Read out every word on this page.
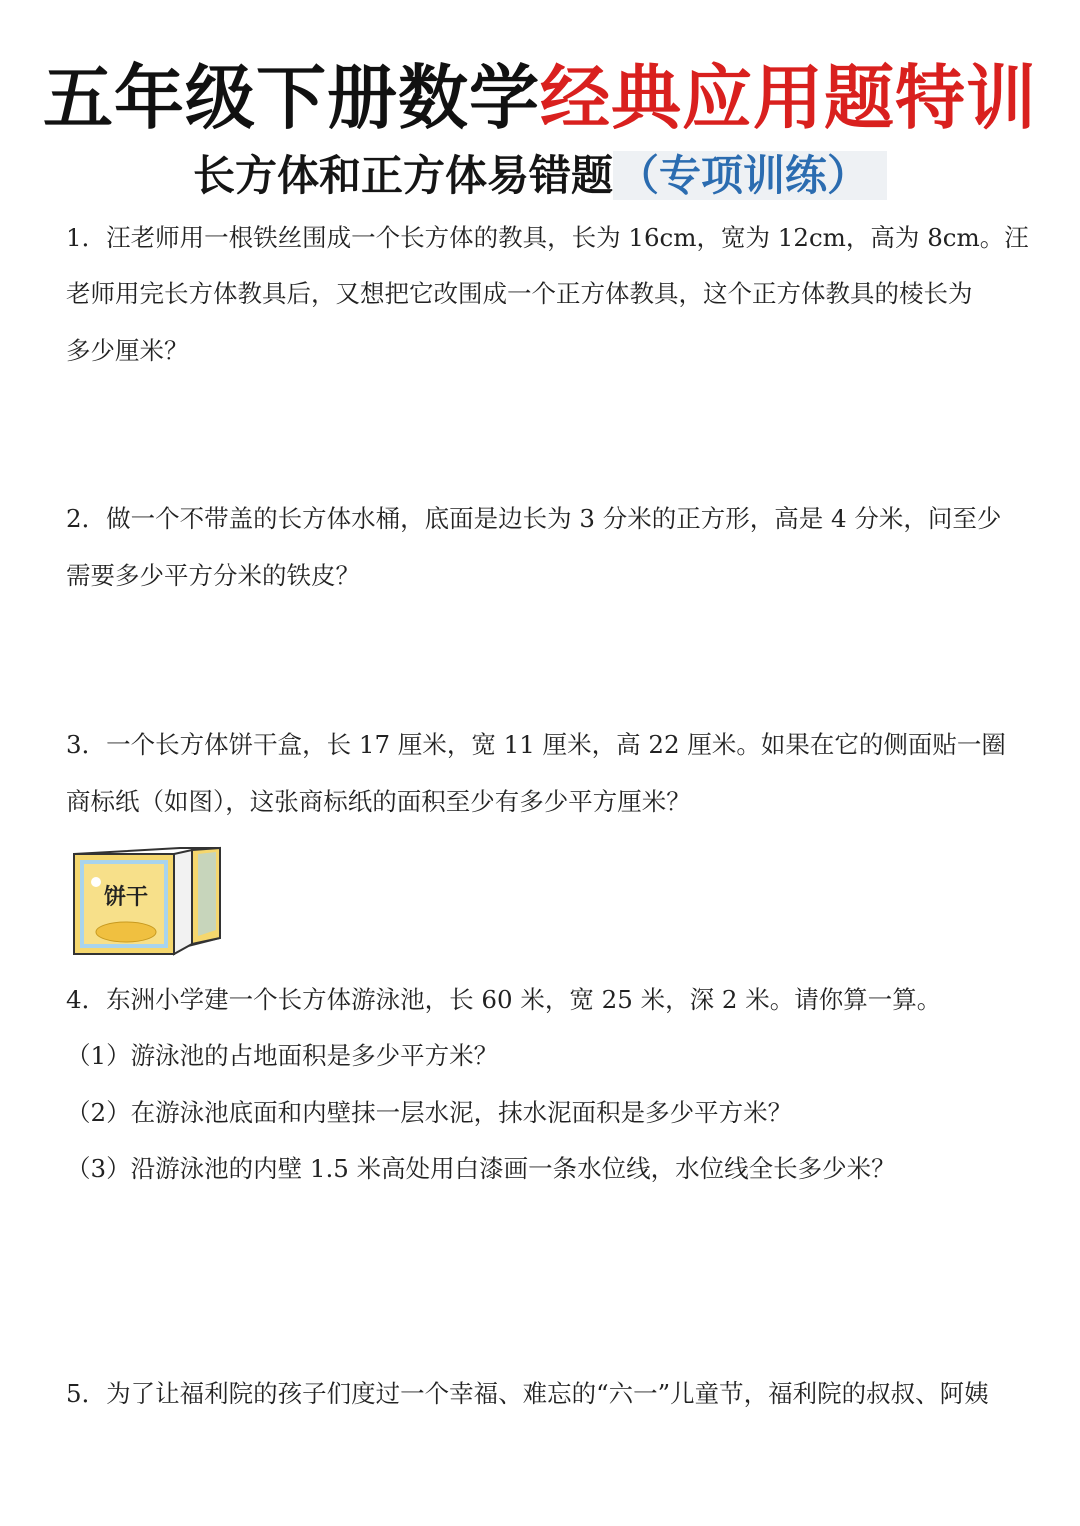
五年级下册数学经典应用题特训
长方体和正方体易错题（专项训练）
1．汪老师用一根铁丝围成一个长方体的教具，长为 16cm，宽为 12cm，高为 8cm。汪
老师用完长方体教具后，又想把它改围成一个正方体教具，这个正方体教具的棱长为
多少厘米？
2．做一个不带盖的长方体水桶，底面是边长为 3 分米的正方形，高是 4 分米，问至少
需要多少平方分米的铁皮？
3．一个长方体饼干盒，长 17 厘米，宽 11 厘米，高 22 厘米。如果在它的侧面贴一圈
商标纸（如图），这张商标纸的面积至少有多少平方厘米？
饼干
4．东洲小学建一个长方体游泳池，长 60 米，宽 25 米，深 2 米。请你算一算。
（1）游泳池的占地面积是多少平方米？
（2）在游泳池底面和内壁抹一层水泥，抹水泥面积是多少平方米？
（3）沿游泳池的内壁 1.5 米高处用白漆画一条水位线，水位线全长多少米？
5．为了让福利院的孩子们度过一个幸福、难忘的“六一”儿童节，福利院的叔叔、阿姨
